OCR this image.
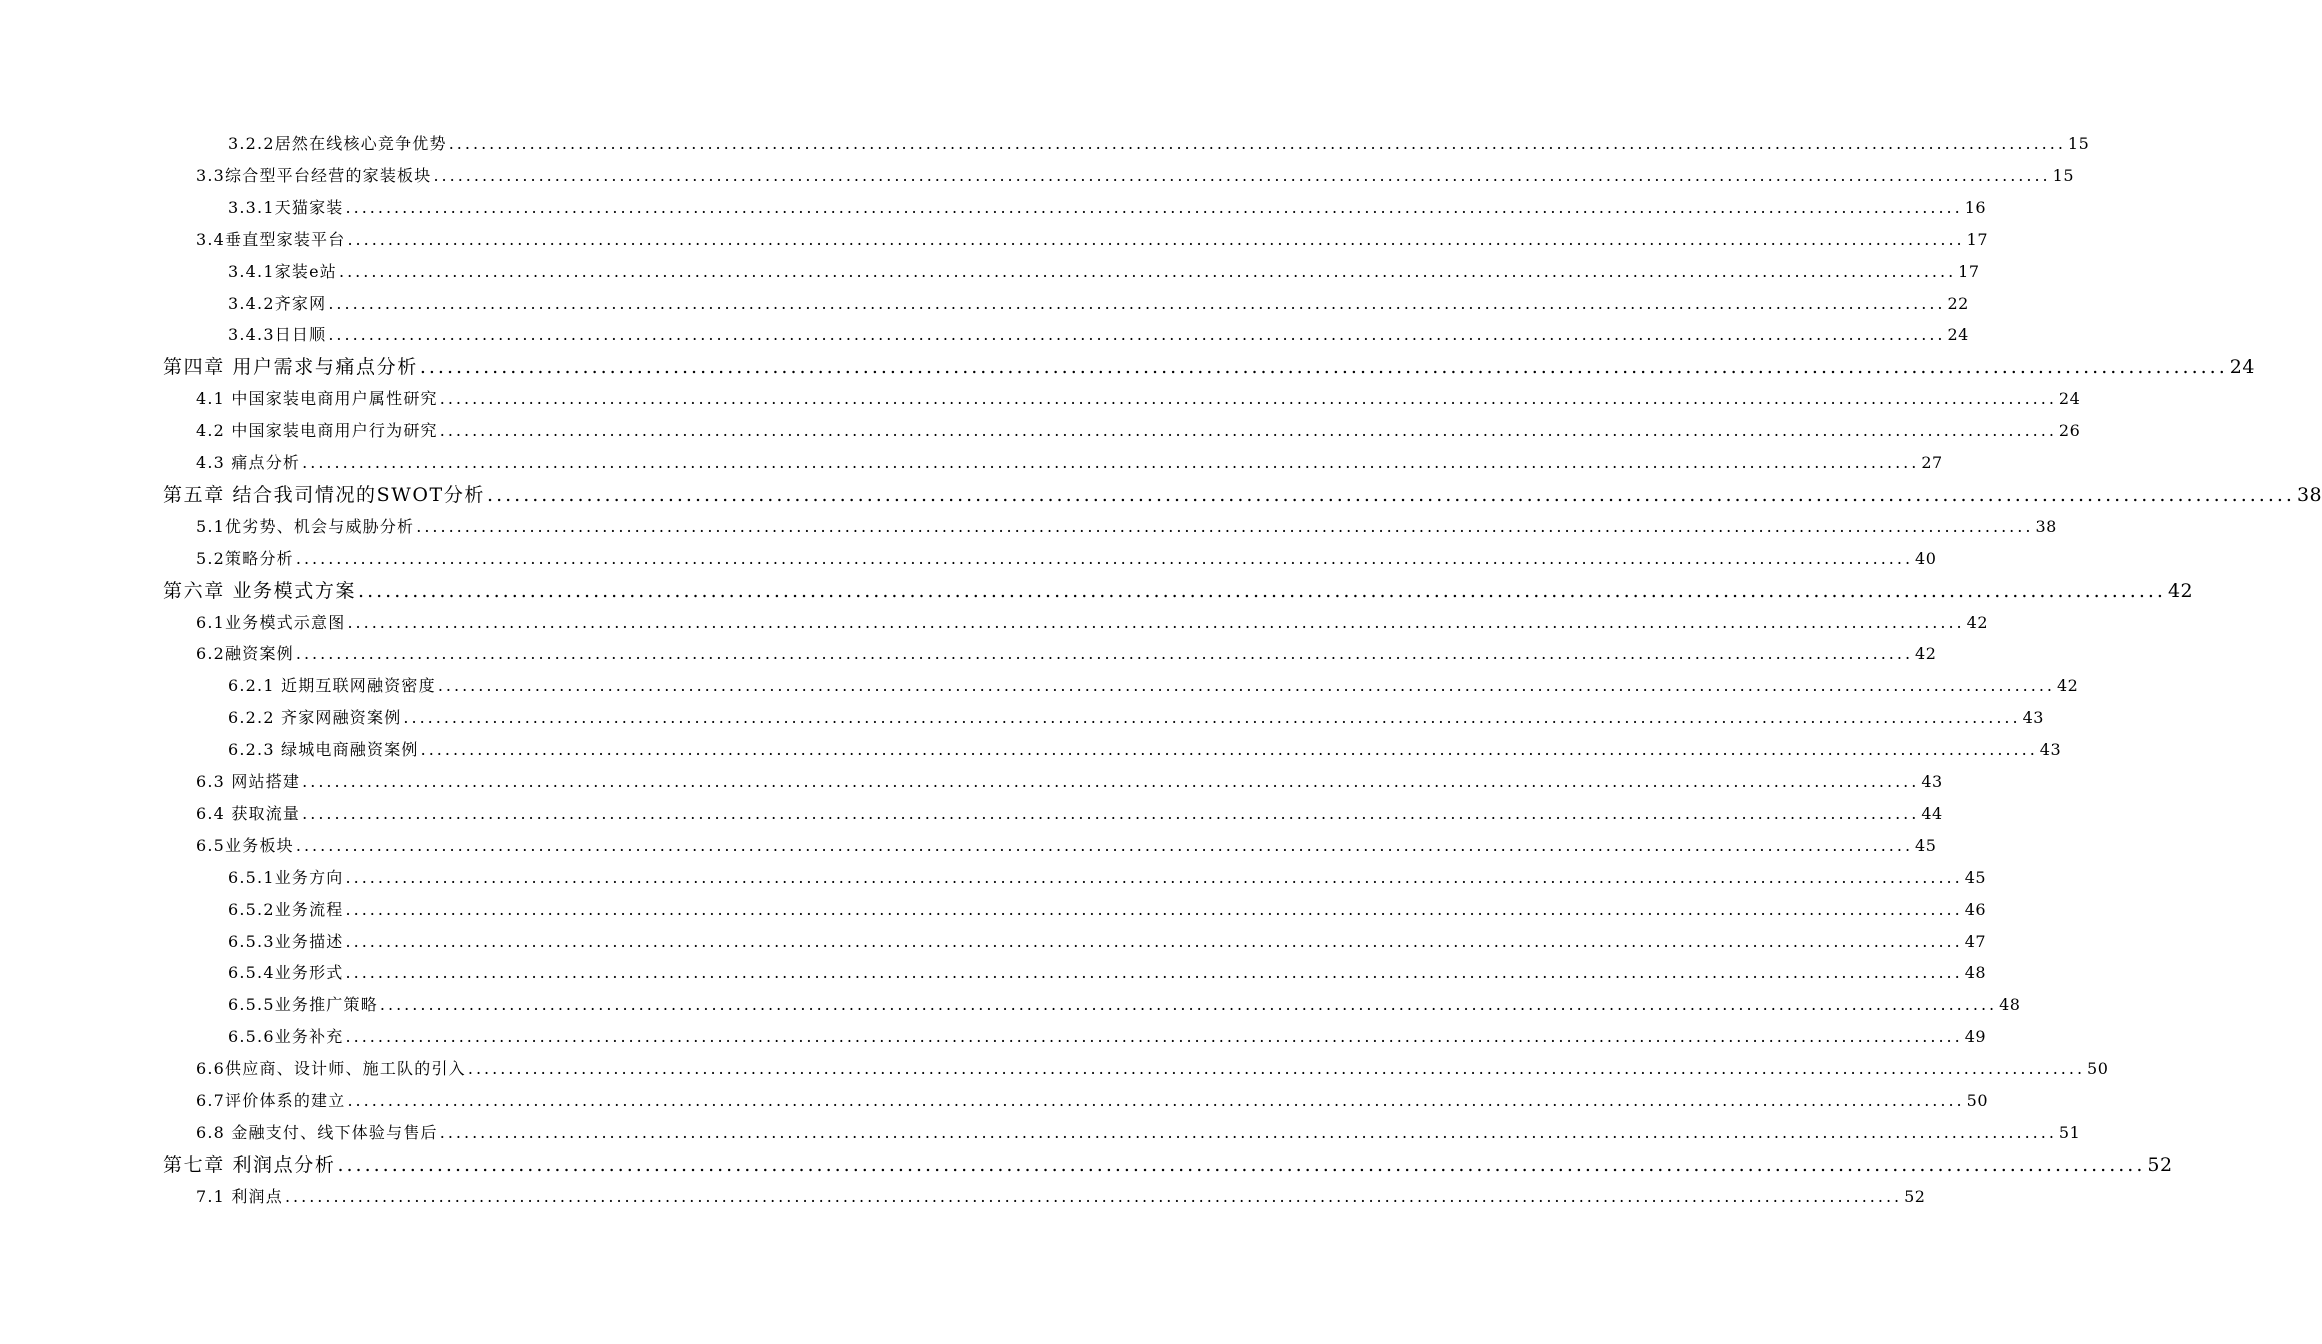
3.2.2居然在线核心竞争优势 ........................................................................................................................................................................................................ 15
3.3综合型平台经营的家装板块 ........................................................................................................................................................................................................ 15
3.3.1天猫家装 ........................................................................................................................................................................................................ 16
3.4垂直型家装平台 ........................................................................................................................................................................................................ 17
3.4.1家装e站 ........................................................................................................................................................................................................ 17
3.4.2齐家网 ........................................................................................................................................................................................................ 22
3.4.3日日顺 ........................................................................................................................................................................................................ 24
第四章 用户需求与痛点分析 ........................................................................................................................................................................................................ 24
4.1 中国家装电商用户属性研究 ........................................................................................................................................................................................................ 24
4.2 中国家装电商用户行为研究 ........................................................................................................................................................................................................ 26
4.3 痛点分析 ........................................................................................................................................................................................................ 27
第五章 结合我司情况的SWOT分析 ........................................................................................................................................................................................................ 38
5.1优劣势、机会与威胁分析 ........................................................................................................................................................................................................ 38
5.2策略分析 ........................................................................................................................................................................................................ 40
第六章 业务模式方案 ........................................................................................................................................................................................................ 42
6.1业务模式示意图 ........................................................................................................................................................................................................ 42
6.2融资案例 ........................................................................................................................................................................................................ 42
6.2.1 近期互联网融资密度 ........................................................................................................................................................................................................ 42
6.2.2 齐家网融资案例 ........................................................................................................................................................................................................ 43
6.2.3 绿城电商融资案例 ........................................................................................................................................................................................................ 43
6.3 网站搭建 ........................................................................................................................................................................................................ 43
6.4 获取流量 ........................................................................................................................................................................................................ 44
6.5业务板块 ........................................................................................................................................................................................................ 45
6.5.1业务方向 ........................................................................................................................................................................................................ 45
6.5.2业务流程 ........................................................................................................................................................................................................ 46
6.5.3业务描述 ........................................................................................................................................................................................................ 47
6.5.4业务形式 ........................................................................................................................................................................................................ 48
6.5.5业务推广策略 ........................................................................................................................................................................................................ 48
6.5.6业务补充 ........................................................................................................................................................................................................ 49
6.6供应商、设计师、施工队的引入 ........................................................................................................................................................................................................ 50
6.7评价体系的建立 ........................................................................................................................................................................................................ 50
6.8 金融支付、线下体验与售后 ........................................................................................................................................................................................................ 51
第七章 利润点分析 ........................................................................................................................................................................................................ 52
7.1 利润点 ........................................................................................................................................................................................................ 52
